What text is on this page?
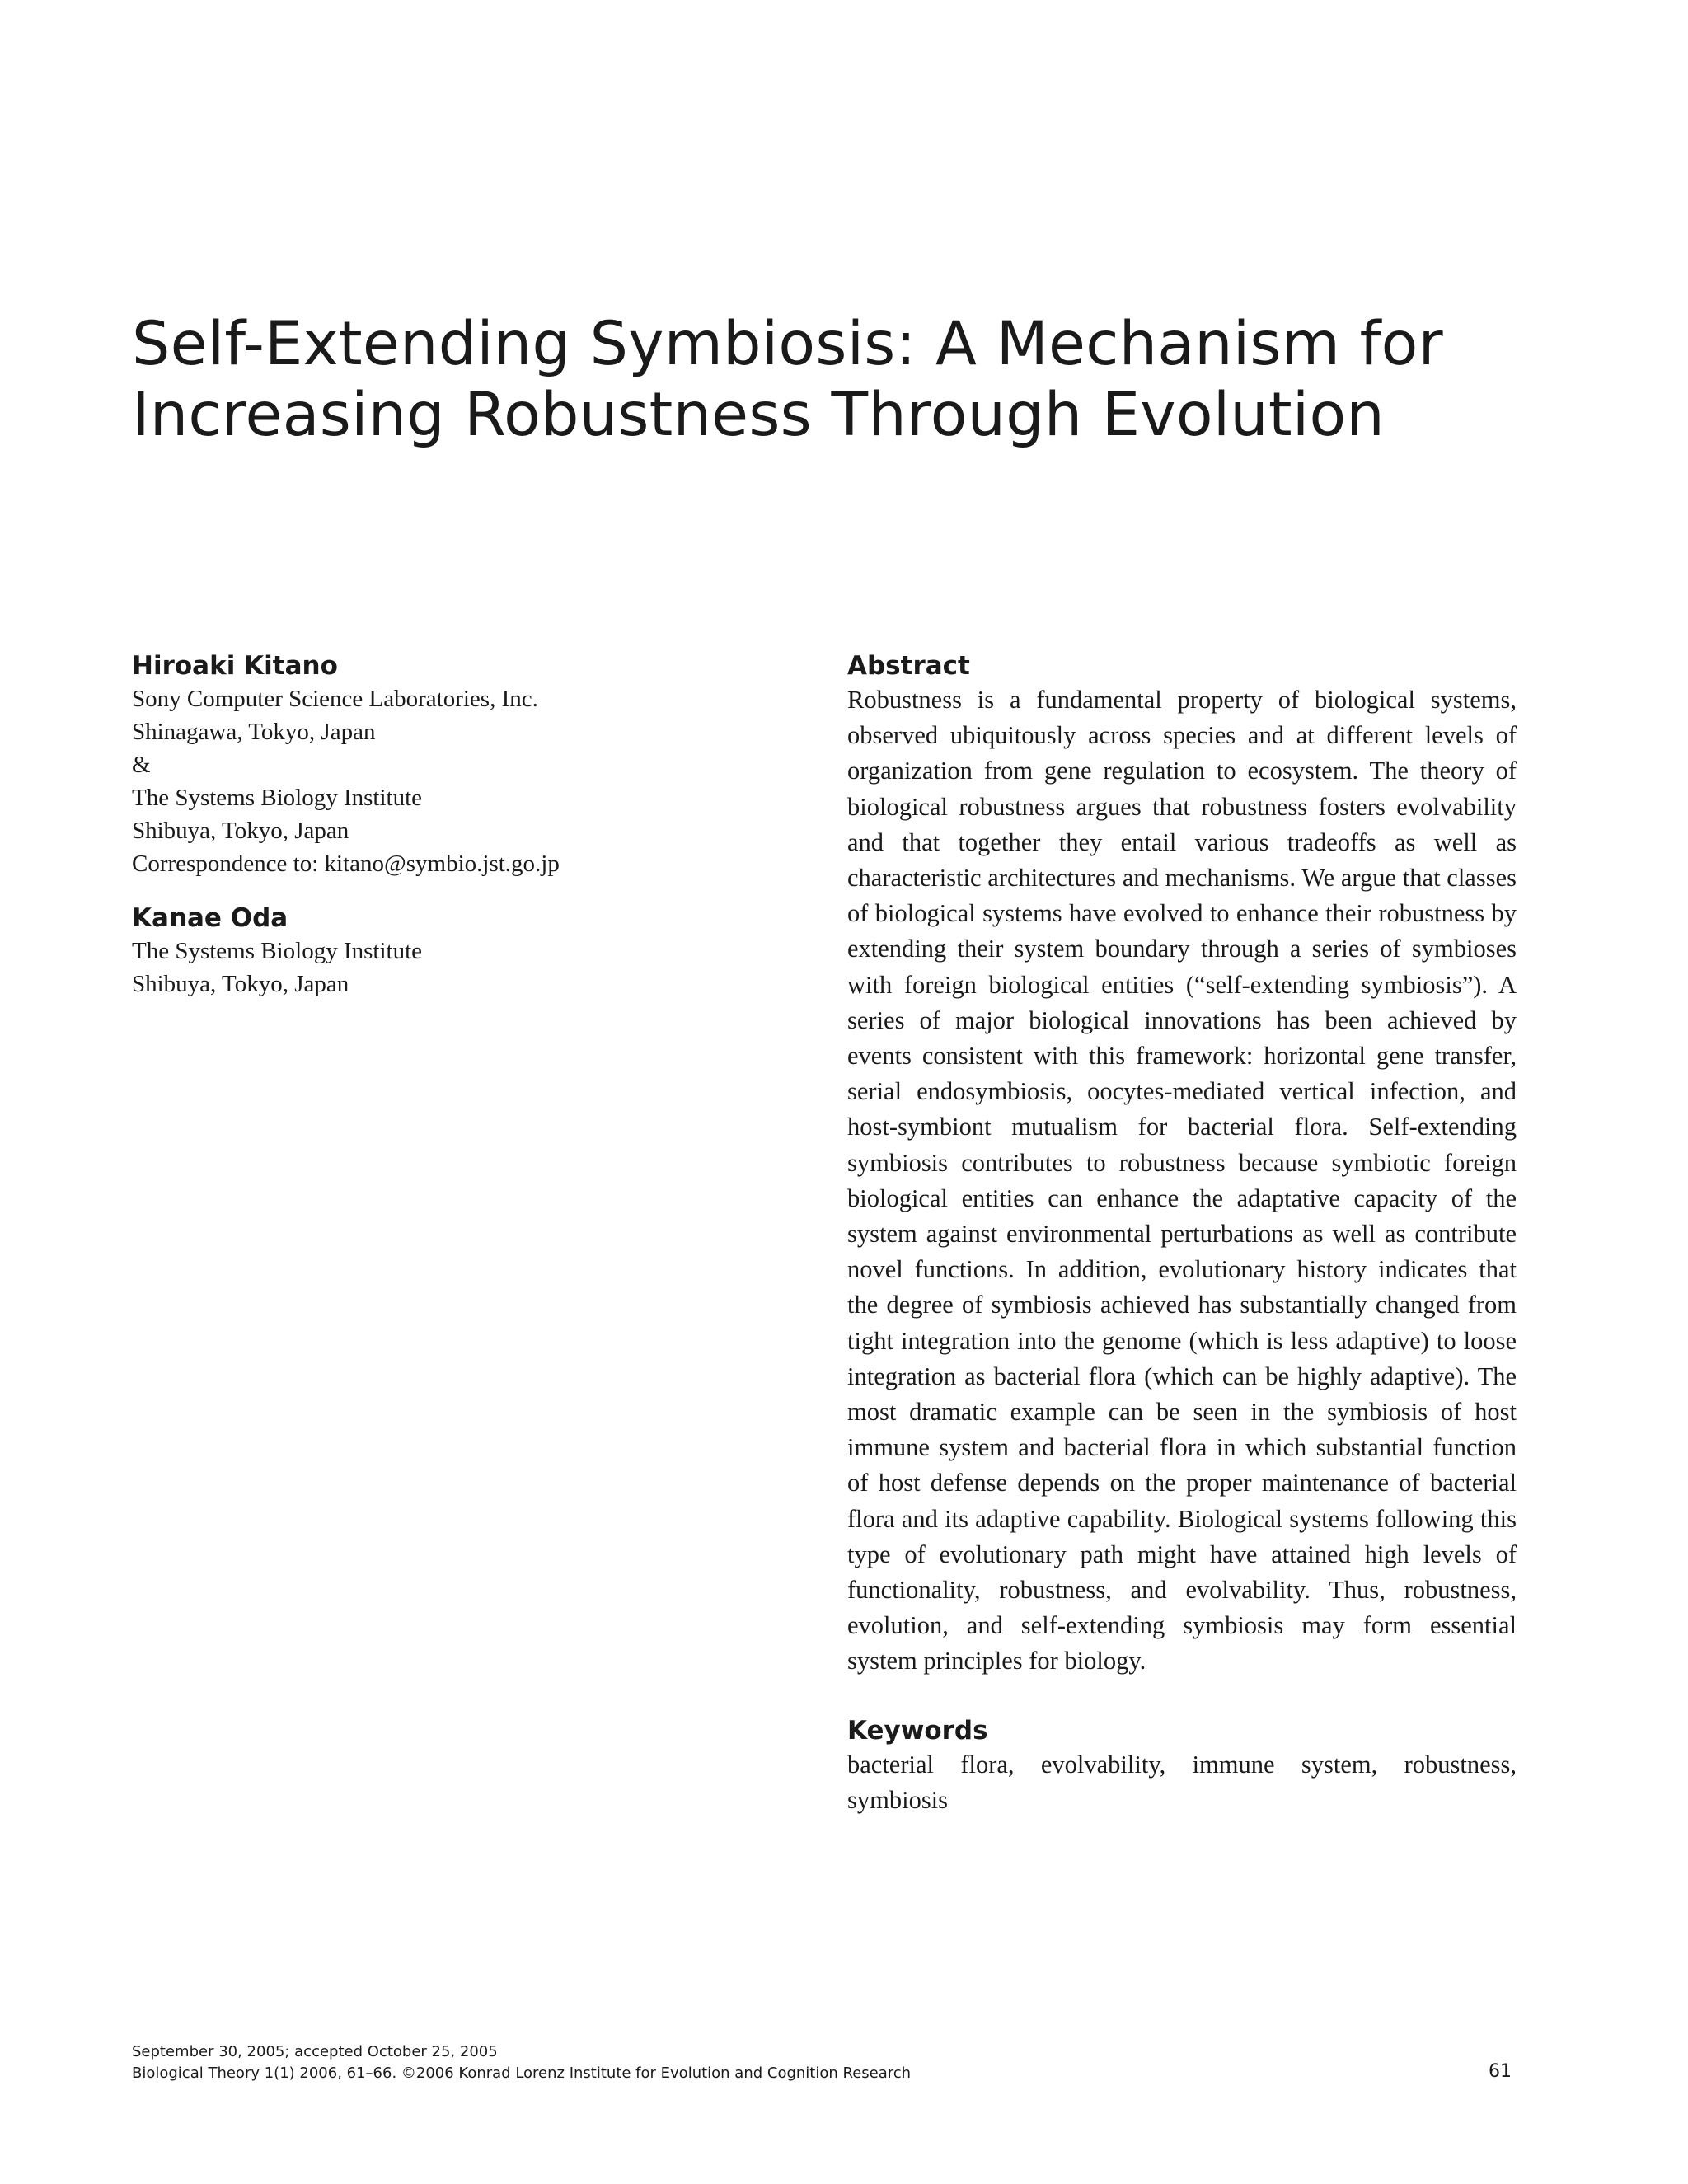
Self-Extending Symbiosis: A Mechanism for
Increasing Robustness Through Evolution
Hiroaki Kitano
Sony Computer Science Laboratories, Inc.
Shinagawa, Tokyo, Japan
&
The Systems Biology Institute
Shibuya, Tokyo, Japan
Correspondence to: kitano@symbio.jst.go.jp
Kanae Oda
The Systems Biology Institute
Shibuya, Tokyo, Japan
Abstract

Robustness is a fundamental property of biological systems, observed ubiquitously across species and at different levels of organization from gene regulation to ecosystem. The theory of biological robustness argues that robustness fosters evolvability and that together they entail various tradeoffs as well as characteristic architectures and mechanisms. We argue that classes of biological systems have evolved to enhance their robustness by extending their system boundary through a series of symbioses with foreign biological entities (“self-extending symbiosis”). A series of major biological innovations has been achieved by events consistent with this framework: horizontal gene transfer, serial endosymbiosis, oocytes-mediated vertical infection, and host-symbiont mutualism for bacterial flora. Self-extending symbiosis contributes to robustness because symbiotic foreign biological entities can enhance the adaptative capacity of the system against environmental perturbations as well as contribute novel functions. In addition, evolutionary history indicates that the degree of symbiosis achieved has substantially changed from tight integration into the genome (which is less adaptive) to loose integration as bacterial flora (which can be highly adaptive). The most dramatic example can be seen in the symbiosis of host immune system and bacterial flora in which substantial function of host defense depends on the proper maintenance of bacterial flora and its adaptive capability. Biological systems following this type of evolutionary path might have attained high levels of functionality, robustness, and evolvability. Thus, robustness, evolution, and self-extending symbiosis may form essential system principles for biology.

Keywords

bacterial flora, evolvability, immune system, robustness, symbiosis

September 30, 2005; accepted October 25, 2005
Biological Theory 1(1) 2006, 61–66. ©2006 Konrad Lorenz Institute for Evolution and Cognition Research	61
